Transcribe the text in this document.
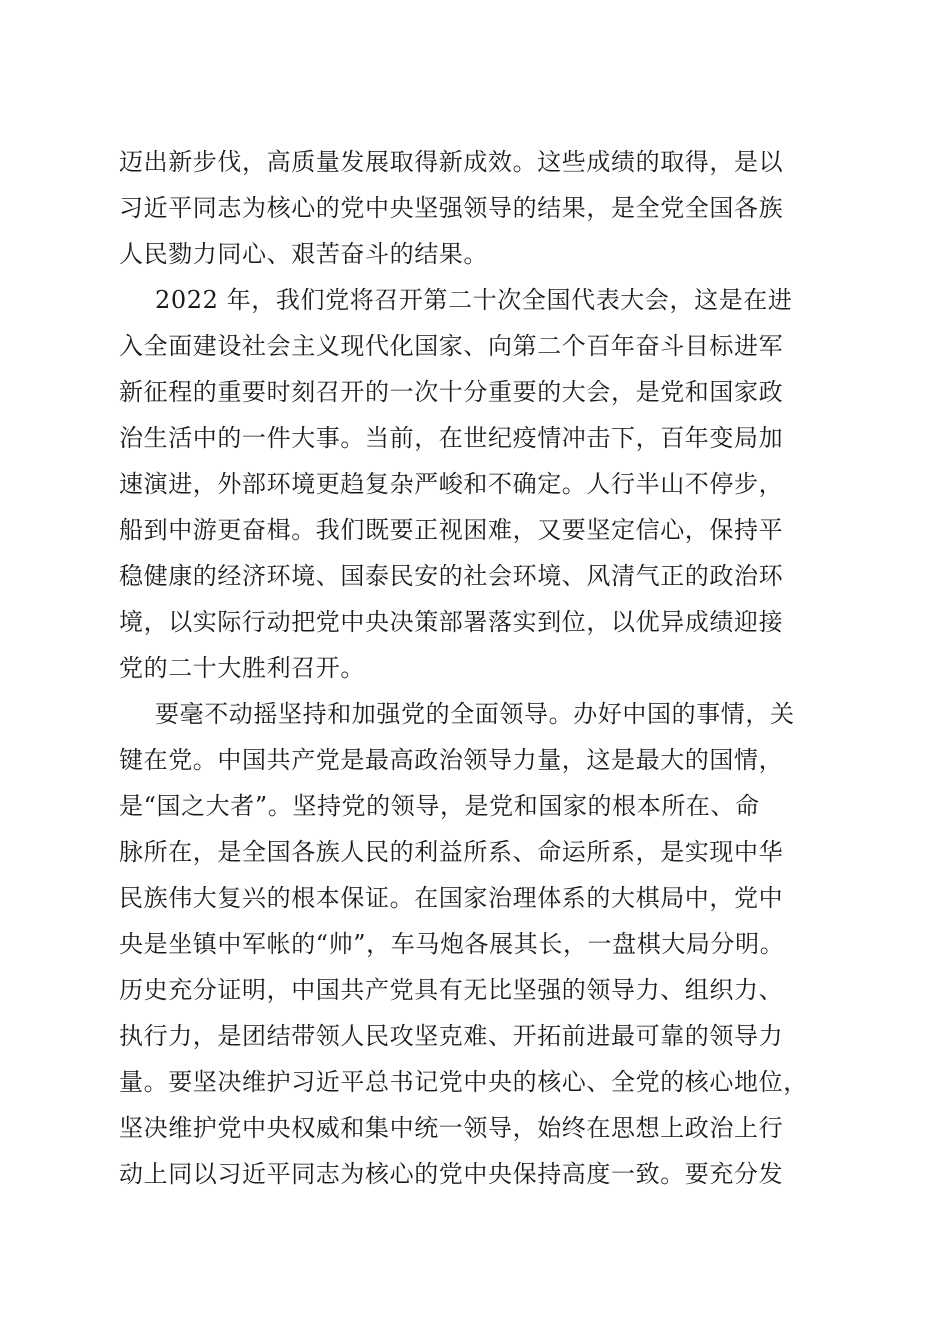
迈出新步伐，高质量发展取得新成效。这些成绩的取得，是以
习近平同志为核心的党中央坚强领导的结果，是全党全国各族
人民勠力同心、艰苦奋斗的结果。
2022 年，我们党将召开第二十次全国代表大会，这是在进
入全面建设社会主义现代化国家、向第二个百年奋斗目标进军
新征程的重要时刻召开的一次十分重要的大会，是党和国家政
治生活中的一件大事。当前，在世纪疫情冲击下，百年变局加
速演进，外部环境更趋复杂严峻和不确定。人行半山不停步，
船到中游更奋楫。我们既要正视困难，又要坚定信心，保持平
稳健康的经济环境、国泰民安的社会环境、风清气正的政治环
境，以实际行动把党中央决策部署落实到位，以优异成绩迎接
党的二十大胜利召开。
要毫不动摇坚持和加强党的全面领导。办好中国的事情，关
键在党。中国共产党是最高政治领导力量，这是最大的国情，
是“国之大者”。坚持党的领导，是党和国家的根本所在、命
脉所在，是全国各族人民的利益所系、命运所系，是实现中华
民族伟大复兴的根本保证。在国家治理体系的大棋局中，党中
央是坐镇中军帐的“帅”，车马炮各展其长，一盘棋大局分明。
历史充分证明，中国共产党具有无比坚强的领导力、组织力、
执行力，是团结带领人民攻坚克难、开拓前进最可靠的领导力
量。要坚决维护习近平总书记党中央的核心、全党的核心地位，
坚决维护党中央权威和集中统一领导，始终在思想上政治上行
动上同以习近平同志为核心的党中央保持高度一致。要充分发
